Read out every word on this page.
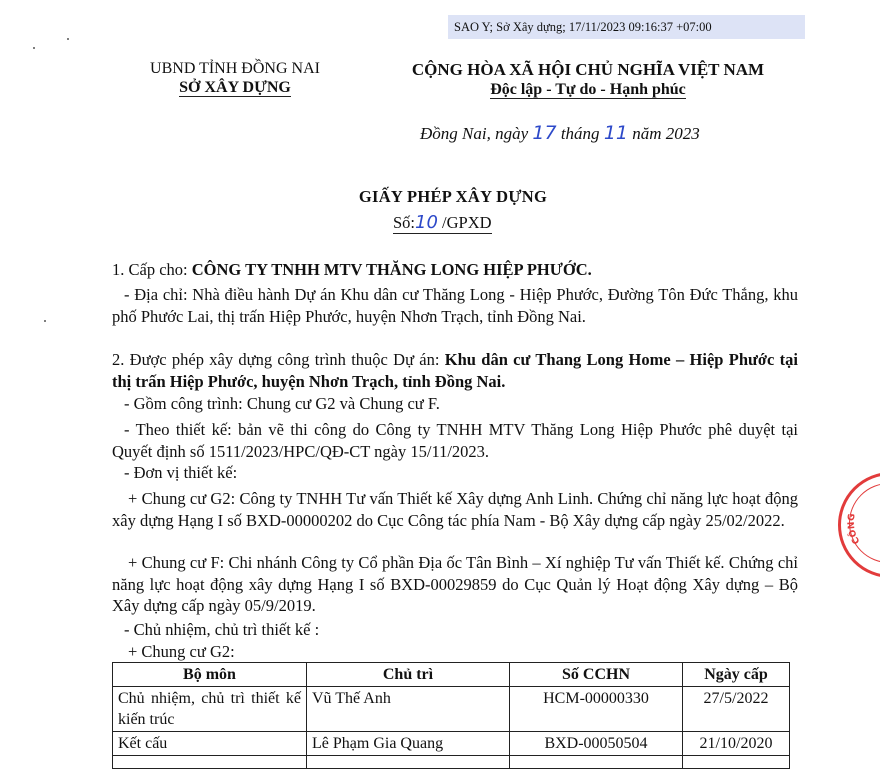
SAO Y; Sở Xây dựng; 17/11/2023 09:16:37 +07:00
UBND TỈNH ĐỒNG NAI
SỞ XÂY DỰNG
CỘNG HÒA XÃ HỘI CHỦ NGHĨA VIỆT NAM
Độc lập - Tự do - Hạnh phúc
Đồng Nai, ngày 17 tháng 11 năm 2023
GIẤY PHÉP XÂY DỰNG
Số:10 /GPXD
1. Cấp cho: CÔNG TY TNHH MTV THĂNG LONG HIỆP PHƯỚC.
- Địa chỉ: Nhà điều hành Dự án Khu dân cư Thăng Long - Hiệp Phước, Đường Tôn Đức Thắng, khu phố Phước Lai, thị trấn Hiệp Phước, huyện Nhơn Trạch, tỉnh Đồng Nai.
2. Được phép xây dựng công trình thuộc Dự án: Khu dân cư Thang Long Home – Hiệp Phước tại thị trấn Hiệp Phước, huyện Nhơn Trạch, tỉnh Đồng Nai.
- Gồm công trình: Chung cư G2 và Chung cư F.
- Theo thiết kế: bản vẽ thi công do Công ty TNHH MTV Thăng Long Hiệp Phước phê duyệt tại Quyết định số 1511/2023/HPC/QĐ-CT ngày 15/11/2023.
- Đơn vị thiết kế:
+ Chung cư G2: Công ty TNHH Tư vấn Thiết kế Xây dựng Anh Linh. Chứng chỉ năng lực hoạt động xây dựng Hạng I số BXD-00000202 do Cục Công tác phía Nam - Bộ Xây dựng cấp ngày 25/02/2022.
+ Chung cư F: Chi nhánh Công ty Cổ phần Địa ốc Tân Bình – Xí nghiệp Tư vấn Thiết kế. Chứng chỉ năng lực hoạt động xây dựng Hạng I số BXD-00029859 do Cục Quản lý Hoạt động Xây dựng – Bộ Xây dựng cấp ngày 05/9/2019.
- Chủ nhiệm, chủ trì thiết kế :
+ Chung cư G2:
Bộ môn	Chủ trì	Số CCHN	Ngày cấp
Chủ nhiệm, chủ trì thiết kế kiến trúc	Vũ Thế Anh	HCM-00000330	27/5/2022
Kết cấu	Lê Phạm Gia Quang	BXD-00050504	21/10/2020

CÔNG
